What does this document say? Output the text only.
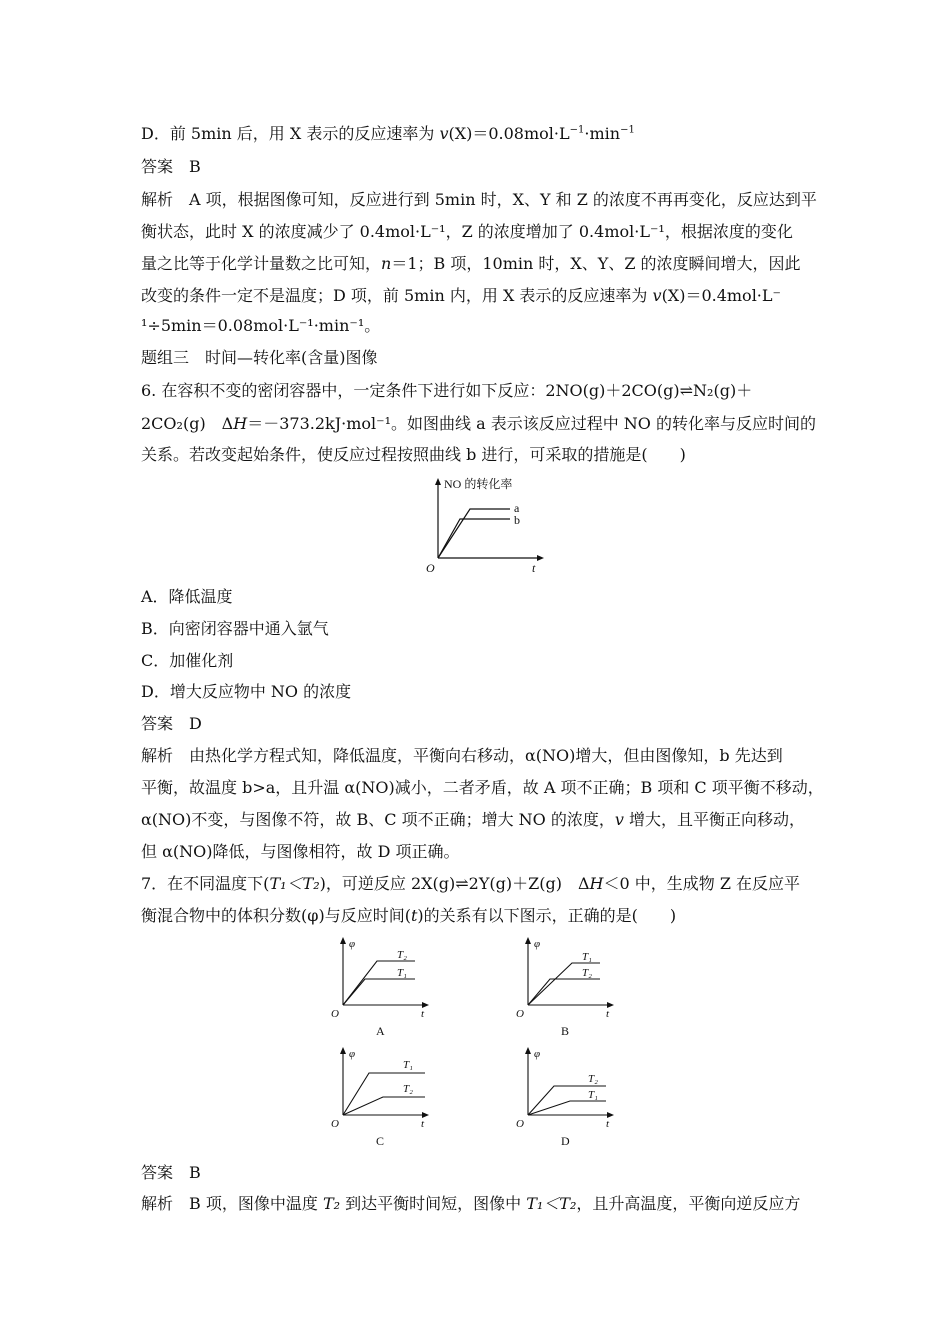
D．前 5min 后，用 X 表示的反应速率为 $v(X)=0.08mol\cdot L^{-1}\cdot\min^{-1}$
答案　B
解析　A 项，根据图像可知，反应进行到 5min 时，X、Y 和 Z 的浓度不再再变化，反应达到平
衡状态，此时 X 的浓度减少了 0.4mol·L⁻¹，Z 的浓度增加了 0.4mol·L⁻¹，根据浓度的变化
量之比等于化学计量数之比可知，n＝1；B 项，10min 时，X、Y、Z 的浓度瞬间增大，因此
改变的条件一定不是温度；D 项，前 5min 内，用 X 表示的反应速率为 v(X)＝0.4mol·L⁻
¹÷5min＝0.08mol·L⁻¹·min⁻¹。
题组三　时间—转化率(含量)图像
6. 在容积不变的密闭容器中，一定条件下进行如下反应：2NO(g)＋2CO(g)⇌N₂(g)＋
2CO₂(g)　ΔH＝－373.2kJ·mol⁻¹。如图曲线 a 表示该反应过程中 NO 的转化率与反应时间的
关系。若改变起始条件，使反应过程按照曲线 b 进行，可采取的措施是(　　)
NO 的转化率
a
b
O	t
A．降低温度
B．向密闭容器中通入氩气
C．加催化剂
D．增大反应物中 NO 的浓度
答案　D
解析　由热化学方程式知，降低温度，平衡向右移动，α(NO)增大，但由图像知，b 先达到
平衡，故温度 b>a，且升温 α(NO)减小，二者矛盾，故 A 项不正确；B 项和 C 项平衡不移动，
α(NO)不变，与图像不符，故 B、C 项不正确；增大 NO 的浓度，v 增大，且平衡正向移动，
但 α(NO)降低，与图像相符，故 D 项正确。
7．在不同温度下(T₁＜T₂)，可逆反应 2X(g)⇌2Y(g)＋Z(g)　ΔH＜0 中，生成物 Z 在反应平
衡混合物中的体积分数(φ)与反应时间(t)的关系有以下图示，正确的是(　　)
φ
T₂
T₁
O	t
A
φ
T₁
T₂
O	t
B
φ
T₁
T₂
O	t
C
φ
T₂
T₁
O	t
D
答案　B
解析　B 项，图像中温度 T₂ 到达平衡时间短，图像中 T₁＜T₂，且升高温度，平衡向逆反应方
